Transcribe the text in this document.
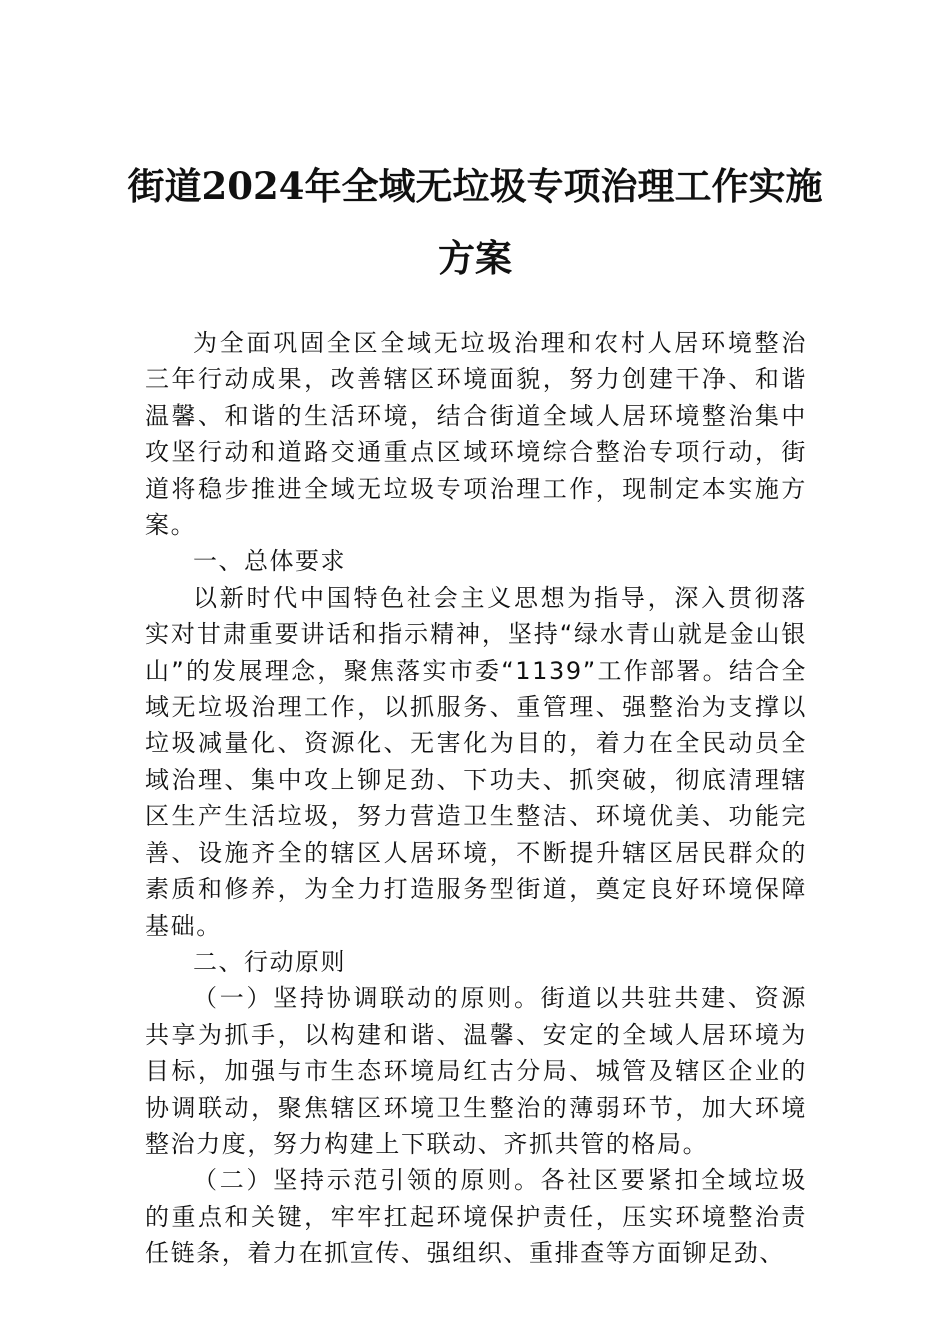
街道2024年全域无垃圾专项治理工作实施
方案

为全面巩固全区全域无垃圾治理和农村人居环境整治三年行动成果，改善辖区环境面貌，努力创建干净、和谐温馨、和谐的生活环境，结合街道全域人居环境整治集中攻坚行动和道路交通重点区域环境综合整治专项行动，街道将稳步推进全域无垃圾专项治理工作，现制定本实施方案。

一、总体要求

以新时代中国特色社会主义思想为指导，深入贯彻落实对甘肃重要讲话和指示精神，坚持“绿水青山就是金山银山”的发展理念，聚焦落实市委“1139”工作部署。结合全域无垃圾治理工作，以抓服务、重管理、强整治为支撑以垃圾减量化、资源化、无害化为目的，着力在全民动员全域治理、集中攻上铆足劲、下功夫、抓突破，彻底清理辖区生产生活垃圾，努力营造卫生整洁、环境优美、功能完善、设施齐全的辖区人居环境，不断提升辖区居民群众的素质和修养，为全力打造服务型街道，奠定良好环境保障基础。

二、行动原则

（一）坚持协调联动的原则。街道以共驻共建、资源共享为抓手，以构建和谐、温馨、安定的全域人居环境为目标，加强与市生态环境局红古分局、城管及辖区企业的协调联动，聚焦辖区环境卫生整治的薄弱环节，加大环境整治力度，努力构建上下联动、齐抓共管的格局。

（二）坚持示范引领的原则。各社区要紧扣全域垃圾的重点和关键，牢牢扛起环境保护责任，压实环境整治责任链条，着力在抓宣传、强组织、重排查等方面铆足劲、
